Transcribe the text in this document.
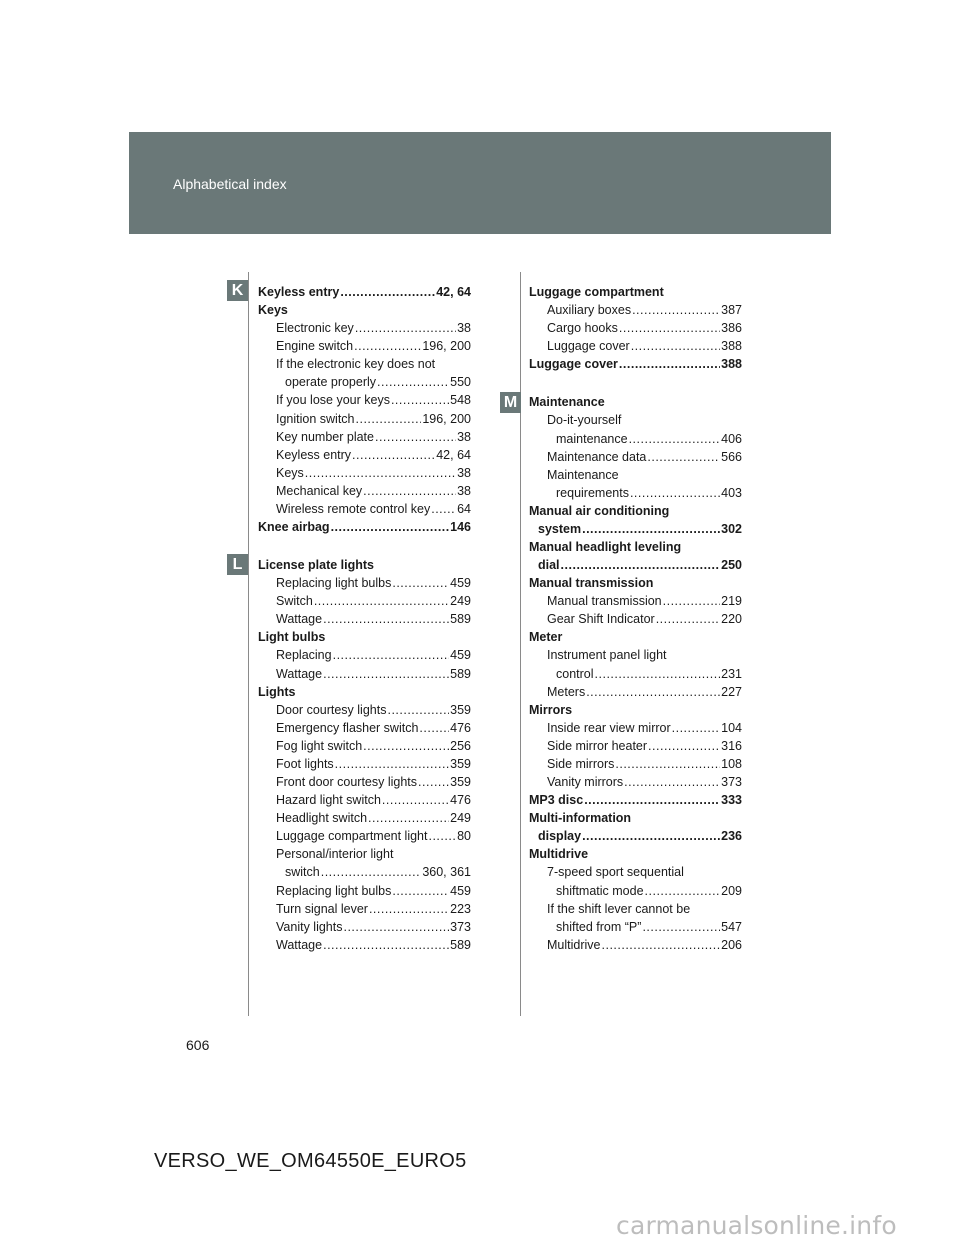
Alphabetical index
K
L
M
Keyless entry .....	42, 64
Keys
Electronic key .....	38
Engine switch .....	196, 200
If the electronic key does not
operate properly .....	550
If you lose your keys .....	548
Ignition switch .....	196, 200
Key number plate .....	38
Keyless entry .....	42, 64
Keys .....	38
Mechanical key .....	38
Wireless remote control key ..... 64
Knee airbag .....	146
License plate lights
Replacing light bulbs .....	459
Switch .....	249
Wattage .....	589
Light bulbs
Replacing .....	459
Wattage .....	589
Lights
Door courtesy lights .....	359
Emergency flasher switch .....	476
Fog light switch .....	256
Foot lights .....	359
Front door courtesy lights .....	359
Hazard light switch .....	476
Headlight switch .....	249
Luggage compartment light ..... 80
Personal/interior light
switch .....	360, 361
Replacing light bulbs .....	459
Turn signal lever .....	223
Vanity lights .....	373
Wattage .....	589
Luggage compartment
Auxiliary boxes .....	387
Cargo hooks .....	386
Luggage cover .....	388
Luggage cover .....	388
Maintenance
Do-it-yourself
maintenance .....	406
Maintenance data .....	566
Maintenance
requirements .....	403
Manual air conditioning
system .....	302
Manual headlight leveling
dial .....	250
Manual transmission
Manual transmission .....	219
Gear Shift Indicator .....	220
Meter
Instrument panel light
control .....	231
Meters .....	227
Mirrors
Inside rear view mirror .....	104
Side mirror heater .....	316
Side mirrors .....	108
Vanity mirrors .....	373
MP3 disc .....	333
Multi-information
display .....	236
Multidrive
7-speed sport sequential
shiftmatic mode .....	209
If the shift lever cannot be
shifted from “P” .....	547
Multidrive .....	206
606
VERSO_WE_OM64550E_EURO5
carmanualsonline.info
